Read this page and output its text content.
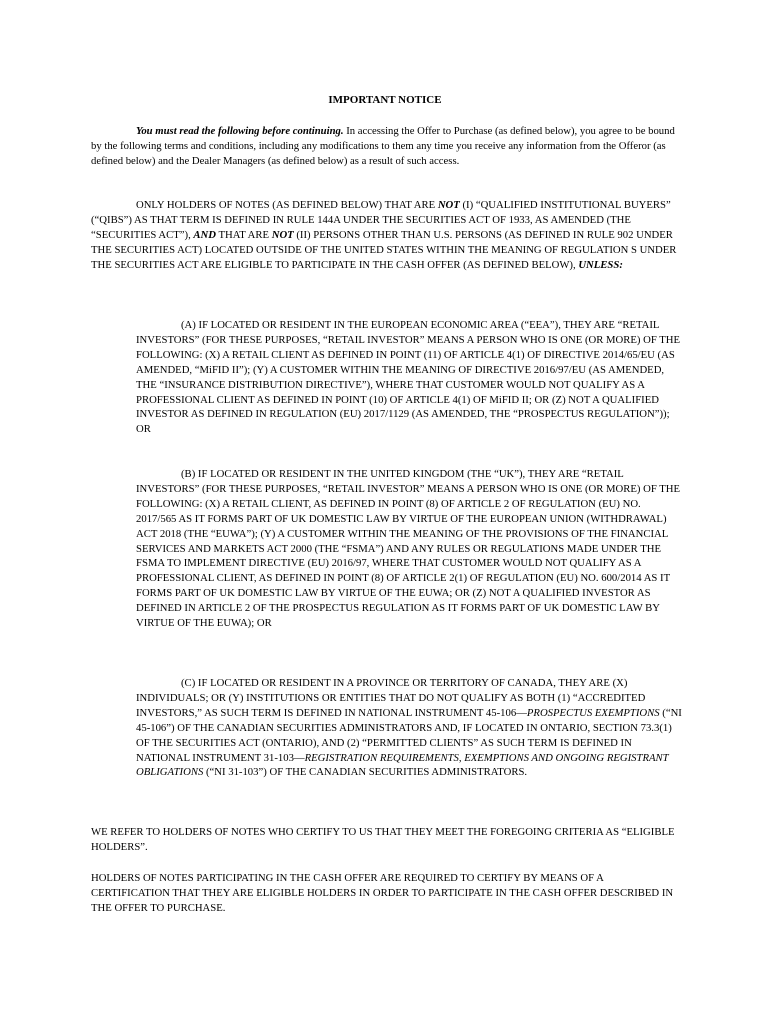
IMPORTANT NOTICE

You must read the following before continuing. In accessing the Offer to Purchase (as defined below), you agree to be bound by the following terms and conditions, including any modifications to them any time you receive any information from the Offeror (as defined below) and the Dealer Managers (as defined below) as a result of such access.

ONLY HOLDERS OF NOTES (AS DEFINED BELOW) THAT ARE NOT (I) “QUALIFIED INSTITUTIONAL BUYERS” (“QIBS”) AS THAT TERM IS DEFINED IN RULE 144A UNDER THE SECURITIES ACT OF 1933, AS AMENDED (THE “SECURITIES ACT”), AND THAT ARE NOT (II) PERSONS OTHER THAN U.S. PERSONS (AS DEFINED IN RULE 902 UNDER THE SECURITIES ACT) LOCATED OUTSIDE OF THE UNITED STATES WITHIN THE MEANING OF REGULATION S UNDER THE SECURITIES ACT ARE ELIGIBLE TO PARTICIPATE IN THE CASH OFFER (AS DEFINED BELOW), UNLESS:

(A) IF LOCATED OR RESIDENT IN THE EUROPEAN ECONOMIC AREA (“EEA”), THEY ARE “RETAIL INVESTORS” (FOR THESE PURPOSES, “RETAIL INVESTOR” MEANS A PERSON WHO IS ONE (OR MORE) OF THE FOLLOWING: (X) A RETAIL CLIENT AS DEFINED IN POINT (11) OF ARTICLE 4(1) OF DIRECTIVE 2014/65/EU (AS AMENDED, “MiFID II”); (Y) A CUSTOMER WITHIN THE MEANING OF DIRECTIVE 2016/97/EU (AS AMENDED, THE “INSURANCE DISTRIBUTION DIRECTIVE”), WHERE THAT CUSTOMER WOULD NOT QUALIFY AS A PROFESSIONAL CLIENT AS DEFINED IN POINT (10) OF ARTICLE 4(1) OF MiFID II; OR (Z) NOT A QUALIFIED INVESTOR AS DEFINED IN REGULATION (EU) 2017/1129 (AS AMENDED, THE “PROSPECTUS REGULATION”)); OR

(B) IF LOCATED OR RESIDENT IN THE UNITED KINGDOM (THE “UK”), THEY ARE “RETAIL INVESTORS” (FOR THESE PURPOSES, “RETAIL INVESTOR” MEANS A PERSON WHO IS ONE (OR MORE) OF THE FOLLOWING: (X) A RETAIL CLIENT, AS DEFINED IN POINT (8) OF ARTICLE 2 OF REGULATION (EU) NO. 2017/565 AS IT FORMS PART OF UK DOMESTIC LAW BY VIRTUE OF THE EUROPEAN UNION (WITHDRAWAL) ACT 2018 (THE “EUWA”); (Y) A CUSTOMER WITHIN THE MEANING OF THE PROVISIONS OF THE FINANCIAL SERVICES AND MARKETS ACT 2000 (THE “FSMA”) AND ANY RULES OR REGULATIONS MADE UNDER THE FSMA TO IMPLEMENT DIRECTIVE (EU) 2016/97, WHERE THAT CUSTOMER WOULD NOT QUALIFY AS A PROFESSIONAL CLIENT, AS DEFINED IN POINT (8) OF ARTICLE 2(1) OF REGULATION (EU) NO. 600/2014 AS IT FORMS PART OF UK DOMESTIC LAW BY VIRTUE OF THE EUWA; OR (Z) NOT A QUALIFIED INVESTOR AS DEFINED IN ARTICLE 2 OF THE PROSPECTUS REGULATION AS IT FORMS PART OF UK DOMESTIC LAW BY VIRTUE OF THE EUWA); OR

(C) IF LOCATED OR RESIDENT IN A PROVINCE OR TERRITORY OF CANADA, THEY ARE (X) INDIVIDUALS; OR (Y) INSTITUTIONS OR ENTITIES THAT DO NOT QUALIFY AS BOTH (1) “ACCREDITED INVESTORS,” AS SUCH TERM IS DEFINED IN NATIONAL INSTRUMENT 45-106—PROSPECTUS EXEMPTIONS (“NI 45-106”) OF THE CANADIAN SECURITIES ADMINISTRATORS AND, IF LOCATED IN ONTARIO, SECTION 73.3(1) OF THE SECURITIES ACT (ONTARIO), AND (2) “PERMITTED CLIENTS” AS SUCH TERM IS DEFINED IN NATIONAL INSTRUMENT 31-103—REGISTRATION REQUIREMENTS, EXEMPTIONS AND ONGOING REGISTRANT OBLIGATIONS (“NI 31-103”) OF THE CANADIAN SECURITIES ADMINISTRATORS.

WE REFER TO HOLDERS OF NOTES WHO CERTIFY TO US THAT THEY MEET THE FOREGOING CRITERIA AS “ELIGIBLE HOLDERS”.

HOLDERS OF NOTES PARTICIPATING IN THE CASH OFFER ARE REQUIRED TO CERTIFY BY MEANS OF A CERTIFICATION THAT THEY ARE ELIGIBLE HOLDERS IN ORDER TO PARTICIPATE IN THE CASH OFFER DESCRIBED IN THE OFFER TO PURCHASE.
